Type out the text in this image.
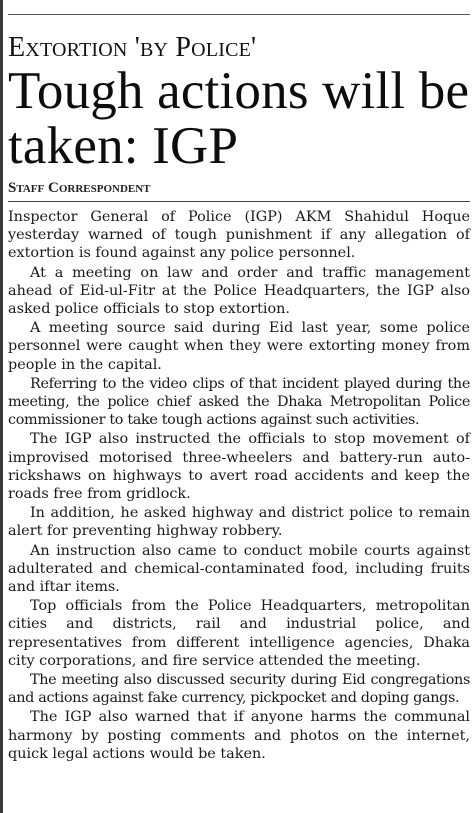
Extortion 'by Police'
Tough actions will be taken: IGP
Staff Correspondent

Inspector General of Police (IGP) AKM Shahidul Hoque yesterday warned of tough punishment if any allegation of extortion is found against any police personnel.

At a meeting on law and order and traffic management ahead of Eid-ul-Fitr at the Police Headquarters, the IGP also asked police officials to stop extortion.

A meeting source said during Eid last year, some police personnel were caught when they were extorting money from people in the capital.

Referring to the video clips of that incident played during the meeting, the police chief asked the Dhaka Metropolitan Police commissioner to take tough actions against such activities.

The IGP also instructed the officials to stop movement of improvised motorised three-wheelers and battery-run auto-rickshaws on highways to avert road accidents and keep the roads free from gridlock.

In addition, he asked highway and district police to remain alert for preventing highway robbery.

An instruction also came to conduct mobile courts against adulterated and chemical-contaminated food, including fruits and iftar items.

Top officials from the Police Headquarters, metropolitan cities and districts, rail and industrial police, and representatives from different intelligence agencies, Dhaka city corporations, and fire service attended the meeting.

The meeting also discussed security during Eid congregations and actions against fake currency, pickpocket and doping gangs.

The IGP also warned that if anyone harms the communal harmony by posting comments and photos on the internet, quick legal actions would be taken.
